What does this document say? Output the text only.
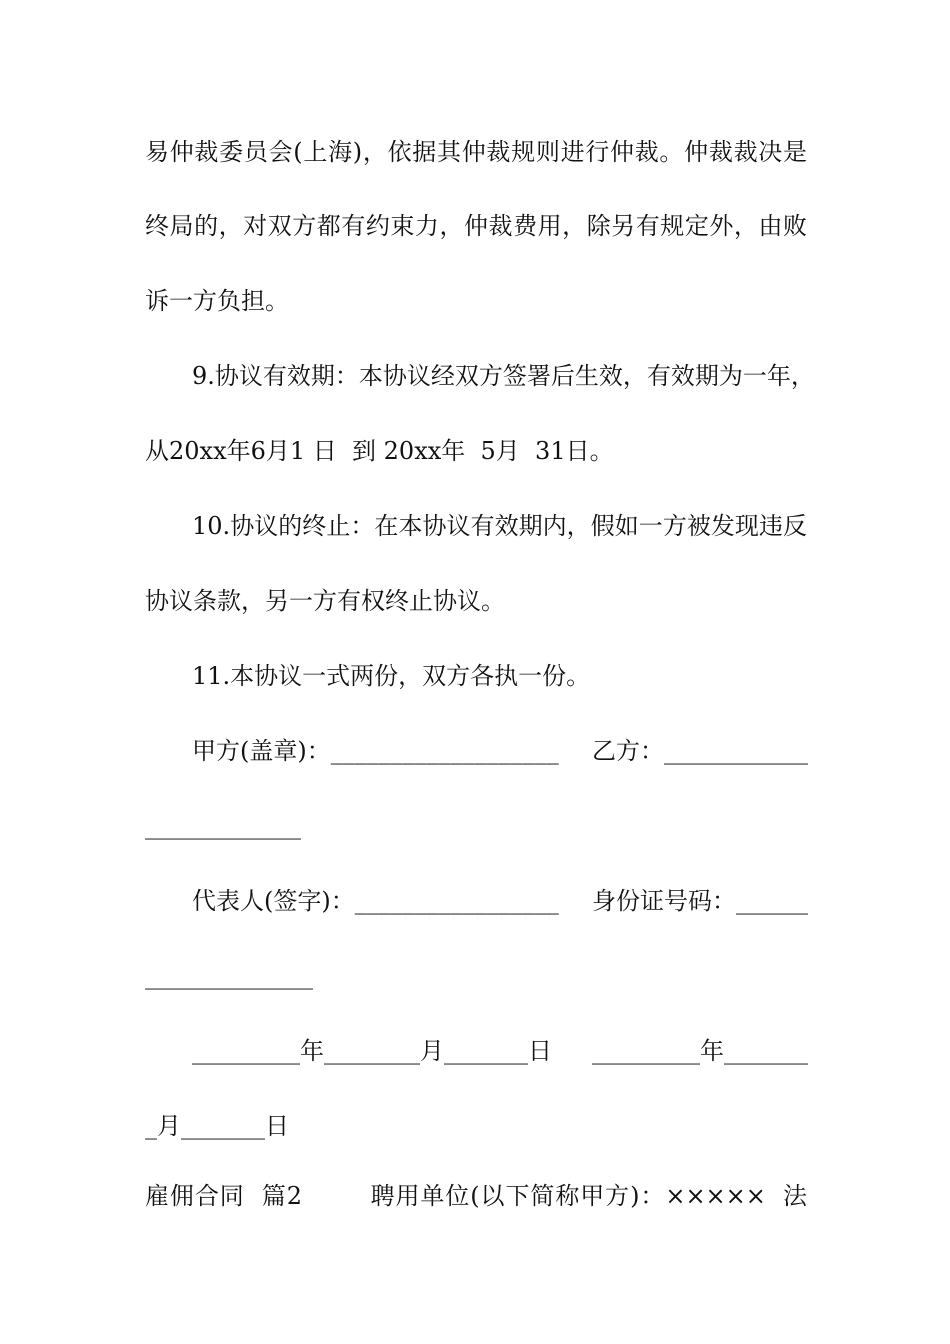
易仲裁委员会(上海)，依据其仲裁规则进行仲裁。仲裁裁决是

终局的，对双方都有约束力，仲裁费用，除另有规定外，由败

诉一方负担。

9.协议有效期：本协议经双方签署后生效，有效期为一年，

从20xx年6月1 日  到 20xx年  5月  31日。

10.协议的终止：在本协议有效期内，假如一方被发现违反

协议条款，另一方有权终止协议。

11.本协议一式两份，双方各执一份。

甲方(盖章)：___________________ 乙方：____________

_____________

代表人(签字)：_________________ 身份证号码：______

______________

_________年________月_______日 _________年_______

_月_______日

雇佣合同  篇2        聘用单位(以下简称甲方)：×××××  法
